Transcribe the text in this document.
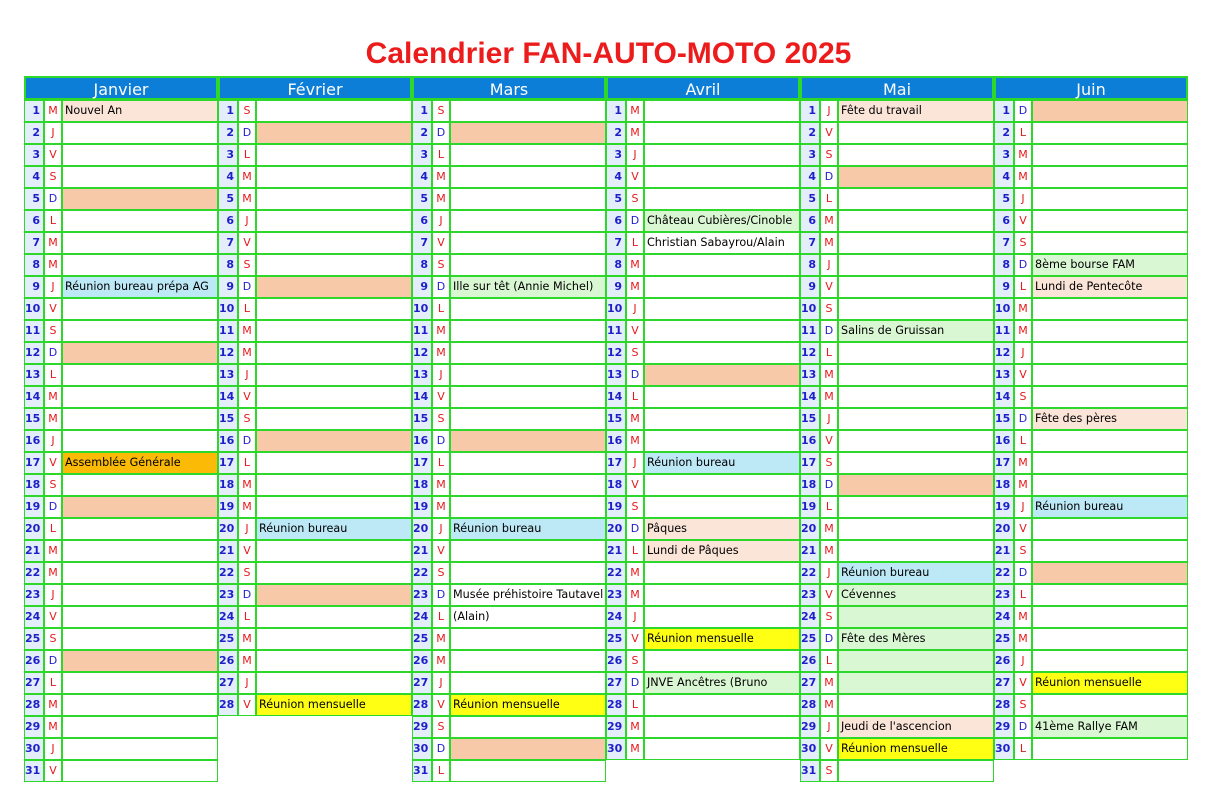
Calendrier FAN-AUTO-MOTO 2025
Janvier
1 M Nouvel An
2	J
3 V
4 S
5 D
6 L
7 M
8 M
9	J Réunion bureau prépa AG
10 V
11 S
12 D
13 L
14 M
15 M
16	J
17 V Assemblée Générale
18 S
19 D
20 L
21 M
22 M
23	J
24 V
25 S
26 D
27 L
28 M
29 M
30	J
31 V
Février
1 S
2 D
3 L
4 M
5 M
6	J
7 V
8 S
9 D
10 L
11 M
12 M
13	J
14 V
15 S
16 D
17 L
18 M
19 M
20	J Réunion bureau
21 V
22 S
23 D
24 L
25 M
26 M
27	J
28 V Réunion mensuelle
Mars
1 S
2 D
3 L
4 M
5 M
6	J
7 V
8 S
9 D Ille sur têt (Annie Michel)
10 L
11 M
12 M
13	J
14 V
15 S
16 D
17 L
18 M
19 M
20	J Réunion bureau
21 V
22 S
23 D Musée préhistoire Tautavel
24 L (Alain)
25 M
26 M
27	J
28 V Réunion mensuelle
29 S
30 D
31 L
Avril
1 M
2 M
3	J
4 V
5 S
6 D Château Cubières/Cinoble
7 L Christian Sabayrou/Alain
8 M
9 M
10	J
11 V
12 S
13 D
14 L
15 M
16 M
17	J Réunion bureau
18 V
19 S
20 D Pâques
21 L Lundi de Pâques
22 M
23 M
24	J
25 V Réunion mensuelle
26 S
27 D JNVE Ancêtres (Bruno
28 L
29 M
30 M
Mai
1	J Fête du travail
2 V
3 S
4 D
5 L
6 M
7 M
8	J
9 V
10 S
11 D Salins de Gruissan
12 L
13 M
14 M
15	J
16 V
17 S
18 D
19 L
20 M
21 M
22	J Réunion bureau
23 V Cévennes
24 S
25 D Fête des Mères
26 L
27 M
28 M
29	J Jeudi de l'ascencion
30 V Réunion mensuelle
31 S
Juin
1 D
2 L
3 M
4 M
5	J
6 V
7 S
8 D 8ème bourse FAM
9 L Lundi de Pentecôte
10 M
11 M
12	J
13 V
14 S
15 D Fête des pères
16 L
17 M
18 M
19	J Réunion bureau
20 V
21 S
22 D
23 L
24 M
25 M
26	J
27 V Réunion mensuelle
28 S
29 D 41ème Rallye FAM
30 L
